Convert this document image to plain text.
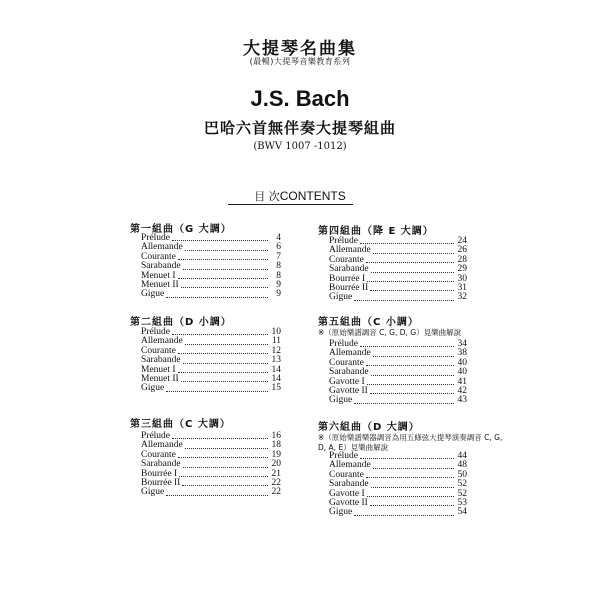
大提琴名曲集
(最暢)大提琴音樂教育系列
J.S. Bach
巴哈六首無伴奏大提琴組曲
(BWV 1007 -1012)
目 次CONTENTS
第一組曲（G 大調）
Prélude	4
Allemande	6
Courante	7
Sarabande	8
Menuet I	8
Menuet II	9
Gigue	9
第二組曲（D 小調）
Prélude	10
Allemande	11
Courante	12
Sarabande	13
Menuet I	14
Menuet II	14
Gigue	15
第三組曲（C 大調）
Prélude	16
Allemande	18
Courante	19
Sarabande	20
Bourrée I	21
Bourrée II	22
Gigue	22
第四組曲（降 E 大調）
Prélude	24
Allemande	26
Courante	28
Sarabande	29
Bourrée I	30
Bourrée II	31
Gigue	32
第五組曲（C 小調）
※（原始樂譜調音 C, G, D, G）見樂曲解說
Prélude	34
Allemande	38
Courante	40
Sarabande	40
Gavotte I	41
Gavotte II	42
Gigue	43
第六組曲（D 大調）
※（原始樂譜樂器調音為用五條弦大提琴演奏調音 C, G, D, A, E）見樂曲解說
Prélude	44
Allemande	48
Courante	50
Sarabande	52
Gavotte I	52
Gavotte II	53
Gigue	54
